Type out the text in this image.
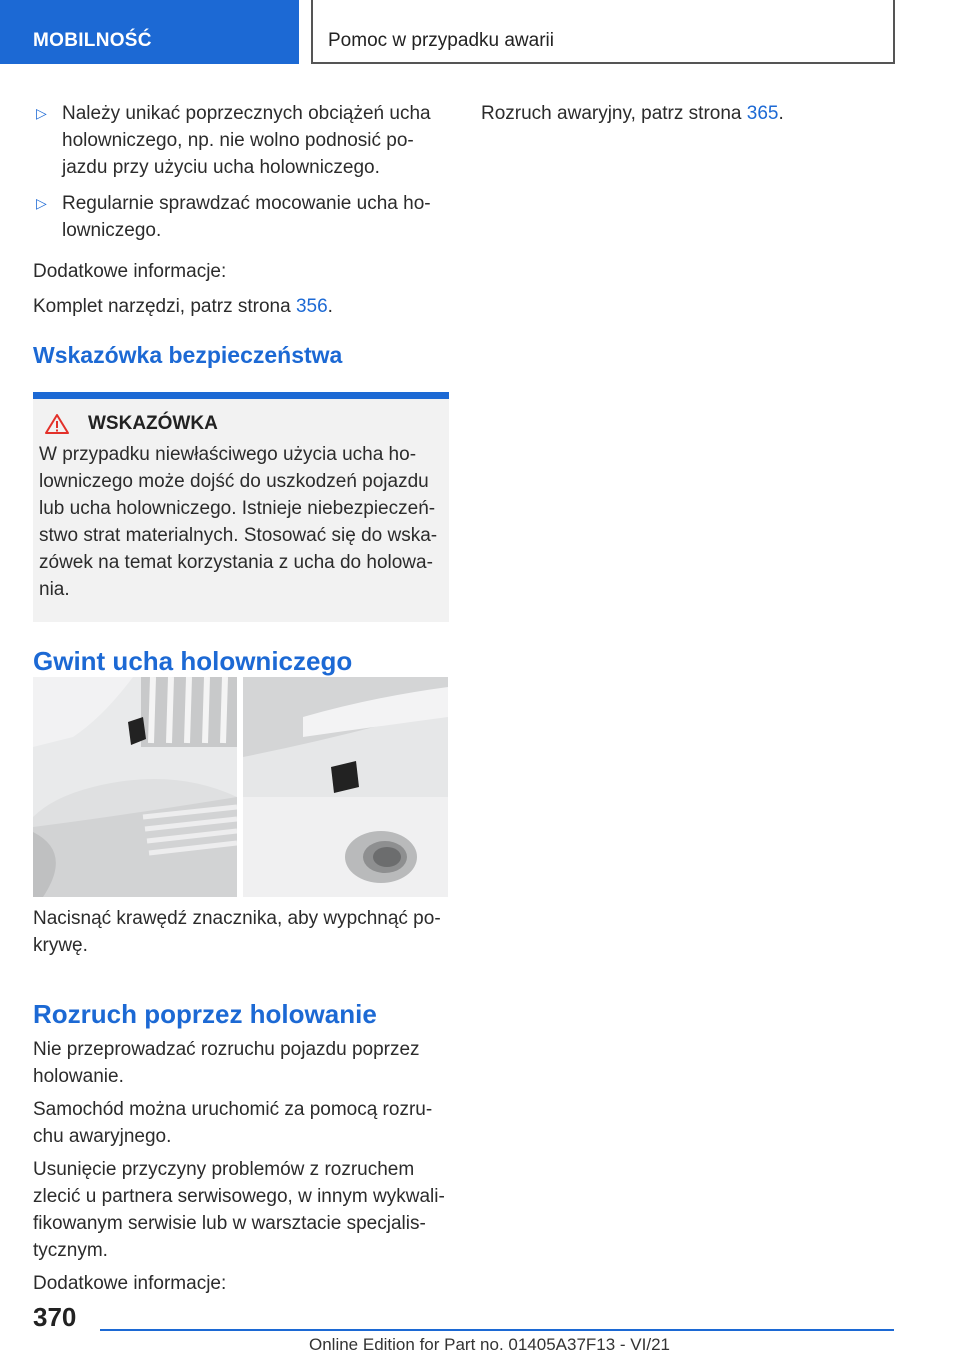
MOBILNOŚĆ	Pomoc w przypadku awarii
▷ Należy unikać poprzecznych obciążeń ucha holowniczego, np. nie wolno podnosić pojazdu przy użyciu ucha holowniczego.
▷ Regularnie sprawdzać mocowanie ucha holowniczego.

Dodatkowe informacje:

Komplet narzędzi, patrz strona 356.

Wskazówka bezpieczeństwa
WSKAZÓWKA

W przypadku niewłaściwego użycia ucha holowniczego może dojść do uszkodzeń pojazdu lub ucha holowniczego. Istnieje niebezpieczeństwo strat materialnych. Stosować się do wskazówek na temat korzystania z ucha do holowania.

Gwint ucha holowniczego

Nacisnąć krawędź znacznika, aby wypchnąć pokrywę.

Rozruch poprzez holowanie

Nie przeprowadzać rozruchu pojazdu poprzez holowanie.

Samochód można uruchomić za pomocą rozruchu awaryjnego.

Usunięcie przyczyny problemów z rozruchem zlecić u partnera serwisowego, w innym wykwalifikowanym serwisie lub w warsztacie specjalistycznym.

Dodatkowe informacje:

Rozruch awaryjny, patrz strona 365.

370
Online Edition for Part no. 01405A37F13 - VI/21
